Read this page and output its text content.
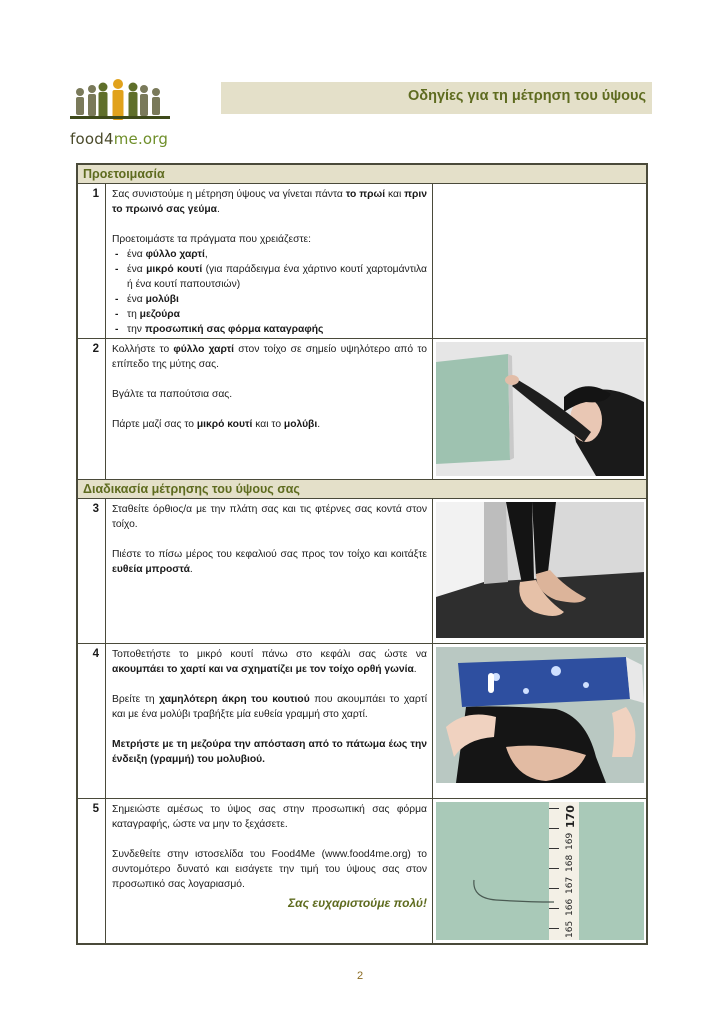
food4me.org
Οδηγίες για τη μέτρηση του ύψους
Προετοιμασία
1	Σας συνιστούμε η μέτρηση ύψους να γίνεται πάντα το πρωί και πριν το πρωινό σας γεύμα.

Προετοιμάστε τα πράγματα που χρειάζεστε:

- ένα φύλλο χαρτί,
- ένα μικρό κουτί (για παράδειγμα ένα χάρτινο κουτί χαρτομάντιλα ή ένα κουτί παπουτσιών)
- ένα μολύβι
- τη μεζούρα
- την προσωπική σας φόρμα καταγραφής
2	Κολλήστε το φύλλο χαρτί στον τοίχο σε σημείο υψηλότερο από το επίπεδο της μύτης σας.

Βγάλτε τα παπούτσια σας.

Πάρτε μαζί σας το μικρό κουτί και το μολύβι.

Διαδικασία μέτρησης του ύψους σας
3	Σταθείτε όρθιος/α με την πλάτη σας και τις φτέρνες σας κοντά στον τοίχο.

Πιέστε το πίσω μέρος του κεφαλιού σας προς τον τοίχο και κοιτάξτε ευθεία μπροστά.

4	Τοποθετήστε το μικρό κουτί πάνω στο κεφάλι σας ώστε να ακουμπάει το χαρτί και να σχηματίζει με τον τοίχο ορθή γωνία.

Βρείτε τη χαμηλότερη άκρη του κουτιού που ακουμπάει το χαρτί και με ένα μολύβι τραβήξτε μία ευθεία γραμμή στο χαρτί.

Μετρήστε με τη μεζούρα την απόσταση από το πάτωμα έως την ένδειξη (γραμμή) του μολυβιού.

5	Σημειώστε αμέσως το ύψος σας στην προσωπική σας φόρμα καταγραφής, ώστε να μην το ξεχάσετε.

Συνδεθείτε στην ιστοσελίδα του Food4Me (www.food4me.org) το συντομότερο δυνατό και εισάγετε την τιμή του ύψους σας στον προσωπικό σας λογαριασμό.

Σας ευχαριστούμε πολύ!
165
166
167
168
169
170
2
